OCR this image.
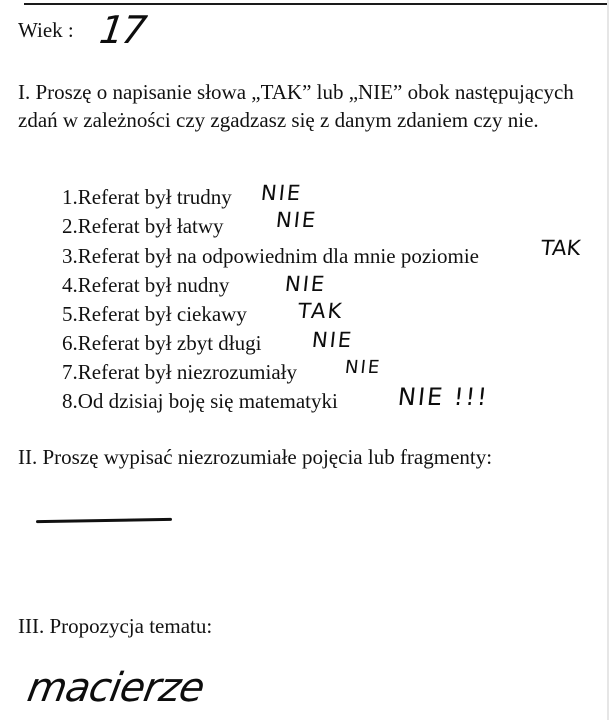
Wiek : 17
I. Proszę o napisanie słowa „TAK” lub „NIE” obok następujących zdań w zależności czy zgadzasz się z danym zdaniem czy nie.
1.Referat był trudny NIE
2.Referat był łatwy NIE
3.Referat był na odpowiednim dla mnie poziomie	TAK
4.Referat był nudny	NIE
5.Referat był ciekawy TAK
6.Referat był zbyt długi NIE
7.Referat był niezrozumiały	NIE
8.Od dzisiaj boję się matematyki NIE !!!
II. Proszę wypisać niezrozumiałe pojęcia lub fragmenty:
III. Propozycja tematu:
macierze
